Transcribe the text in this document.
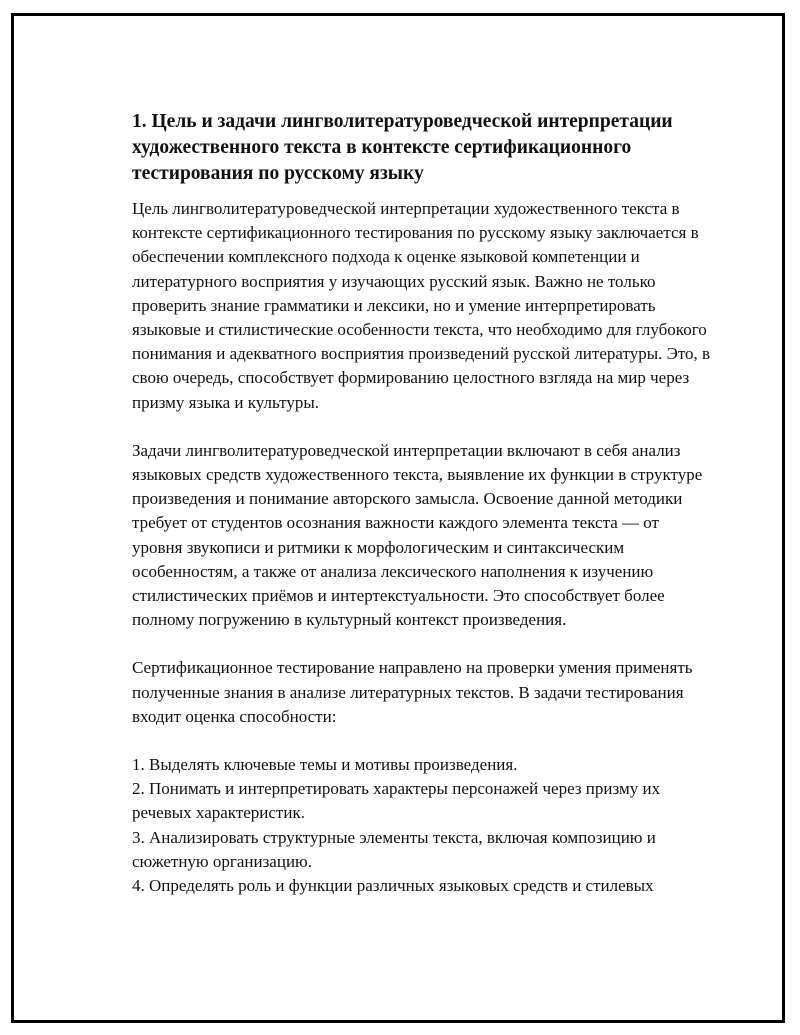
1. Цель и задачи лингволитературоведческой интерпретации художественного текста в контексте сертификационного тестирования по русскому языку

Цель лингволитературоведческой интерпретации художественного текста в контексте сертификационного тестирования по русскому языку заключается в обеспечении комплексного подхода к оценке языковой компетенции и литературного восприятия у изучающих русский язык. Важно не только проверить знание грамматики и лексики, но и умение интерпретировать языковые и стилистические особенности текста, что необходимо для глубокого понимания и адекватного восприятия произведений русской литературы. Это, в свою очередь, способствует формированию целостного взгляда на мир через призму языка и культуры.

Задачи лингволитературоведческой интерпретации включают в себя анализ языковых средств художественного текста, выявление их функции в структуре произведения и понимание авторского замысла. Освоение данной методики требует от студентов осознания важности каждого элемента текста — от уровня звукописи и ритмики к морфологическим и синтаксическим особенностям, а также от анализа лексического наполнения к изучению стилистических приёмов и интертекстуальности. Это способствует более полному погружению в культурный контекст произведения.

Сертификационное тестирование направлено на проверки умения применять полученные знания в анализе литературных текстов. В задачи тестирования входит оценка способности:

1. Выделять ключевые темы и мотивы произведения.
2. Понимать и интерпретировать характеры персонажей через призму их речевых характеристик.
3. Анализировать структурные элементы текста, включая композицию и сюжетную организацию.
4. Определять роль и функции различных языковых средств и стилевых
